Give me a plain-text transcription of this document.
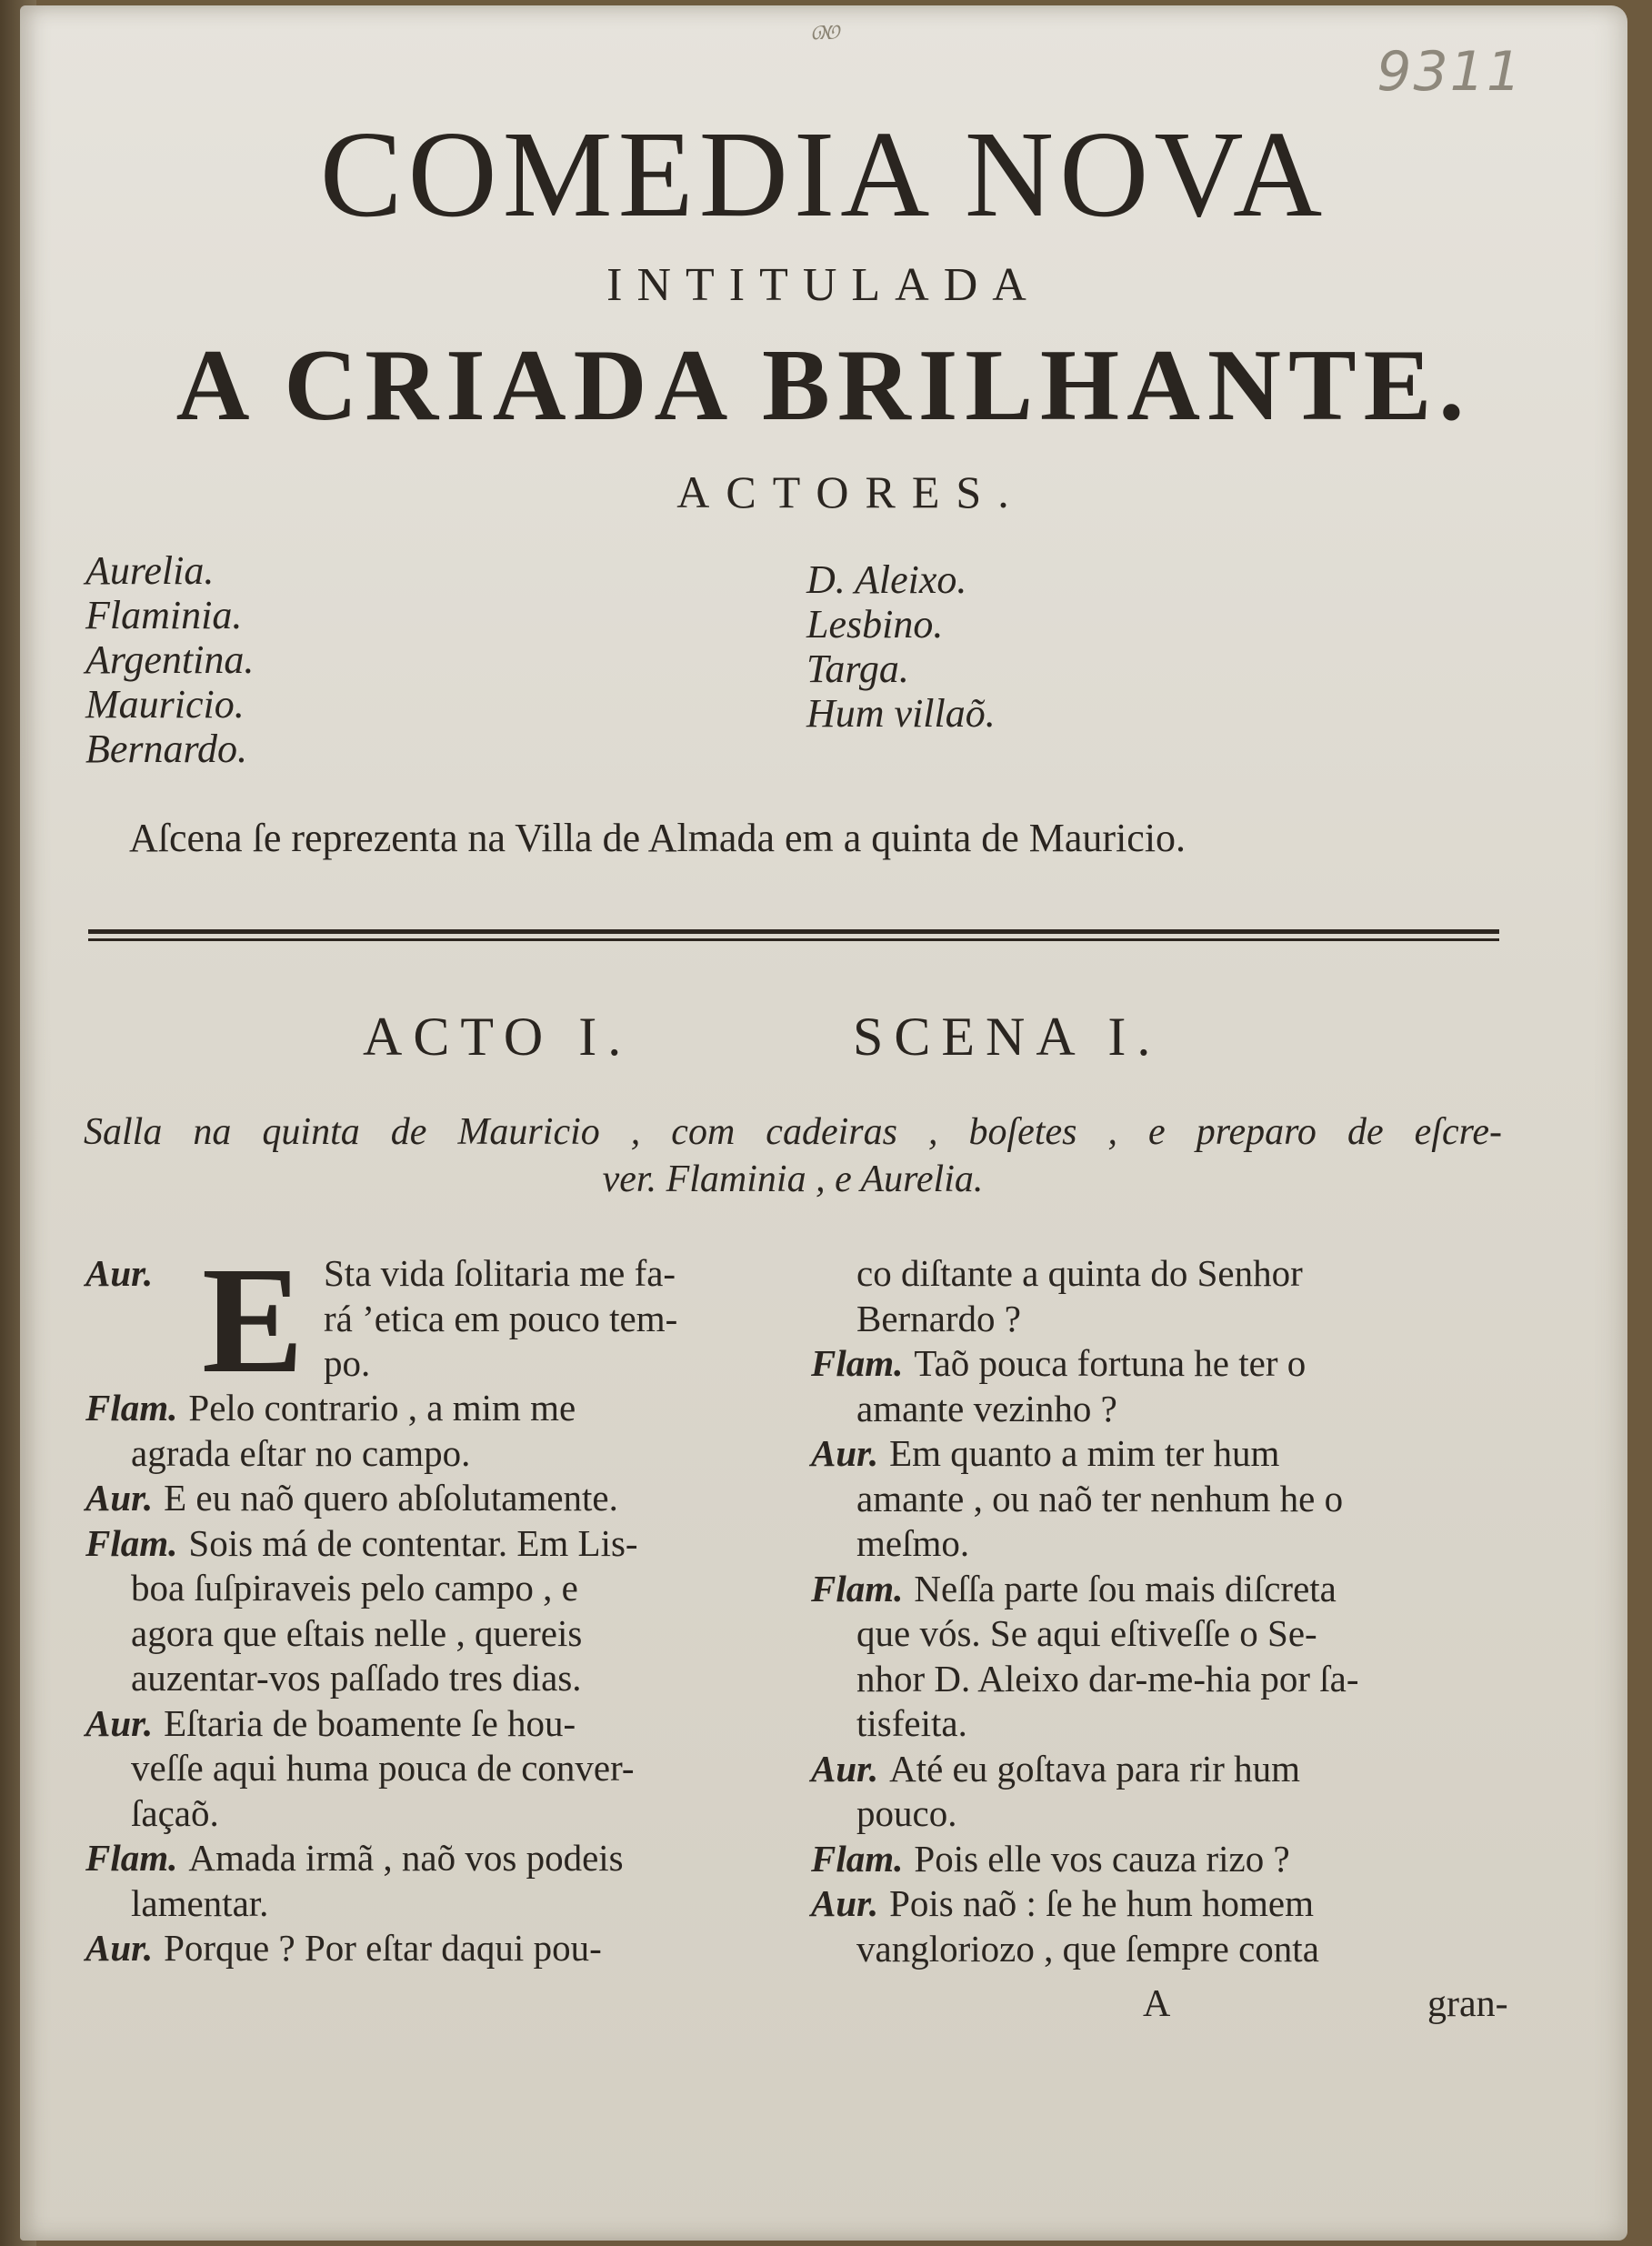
🙐
9311
COMEDIA NOVA
INTITULADA
A CRIADA BRILHANTE.
ACTORES.
Aurelia.
Flaminia.
Argentina.
Mauricio.
Bernardo.
D. Aleixo.
Lesbino.
Targa.
Hum villaõ.
Aſcena ſe reprezenta na Villa de Almada em a quinta de Mauricio.
ACTO I.	SCENA I.
Salla na quinta de Mauricio , com cadeiras , boſetes , e preparo de eſcre-
ver. Flaminia , e Aurelia.
Aur. E Sta vida ſolitaria me fa-
rá ’etica em pouco tem-
po.
Flam. Pelo contrario , a mim me
agrada eſtar no campo.
Aur. E eu naõ quero abſolutamente.
Flam. Sois má de contentar. Em Lis-
boa ſuſpiraveis pelo campo , e
agora que eſtais nelle , quereis
auzentar-vos paſſado tres dias.
Aur. Eſtaria de boamente ſe hou-
veſſe aqui huma pouca de conver-
ſaçaõ.
Flam. Amada irmã , naõ vos podeis
lamentar.
Aur. Porque ? Por eſtar daqui pou-
co diſtante a quinta do Senhor
Bernardo ?
Flam. Taõ pouca fortuna he ter o
amante vezinho ?
Aur. Em quanto a mim ter hum
amante , ou naõ ter nenhum he o
meſmo.
Flam. Neſſa parte ſou mais diſcreta
que vós. Se aqui eſtiveſſe o Se-
nhor D. Aleixo dar-me-hia por ſa-
tisfeita.
Aur. Até eu goſtava para rir hum
pouco.
Flam. Pois elle vos cauza rizo ?
Aur. Pois naõ : ſe he hum homem
vangloriozo , que ſempre conta
A	gran-
